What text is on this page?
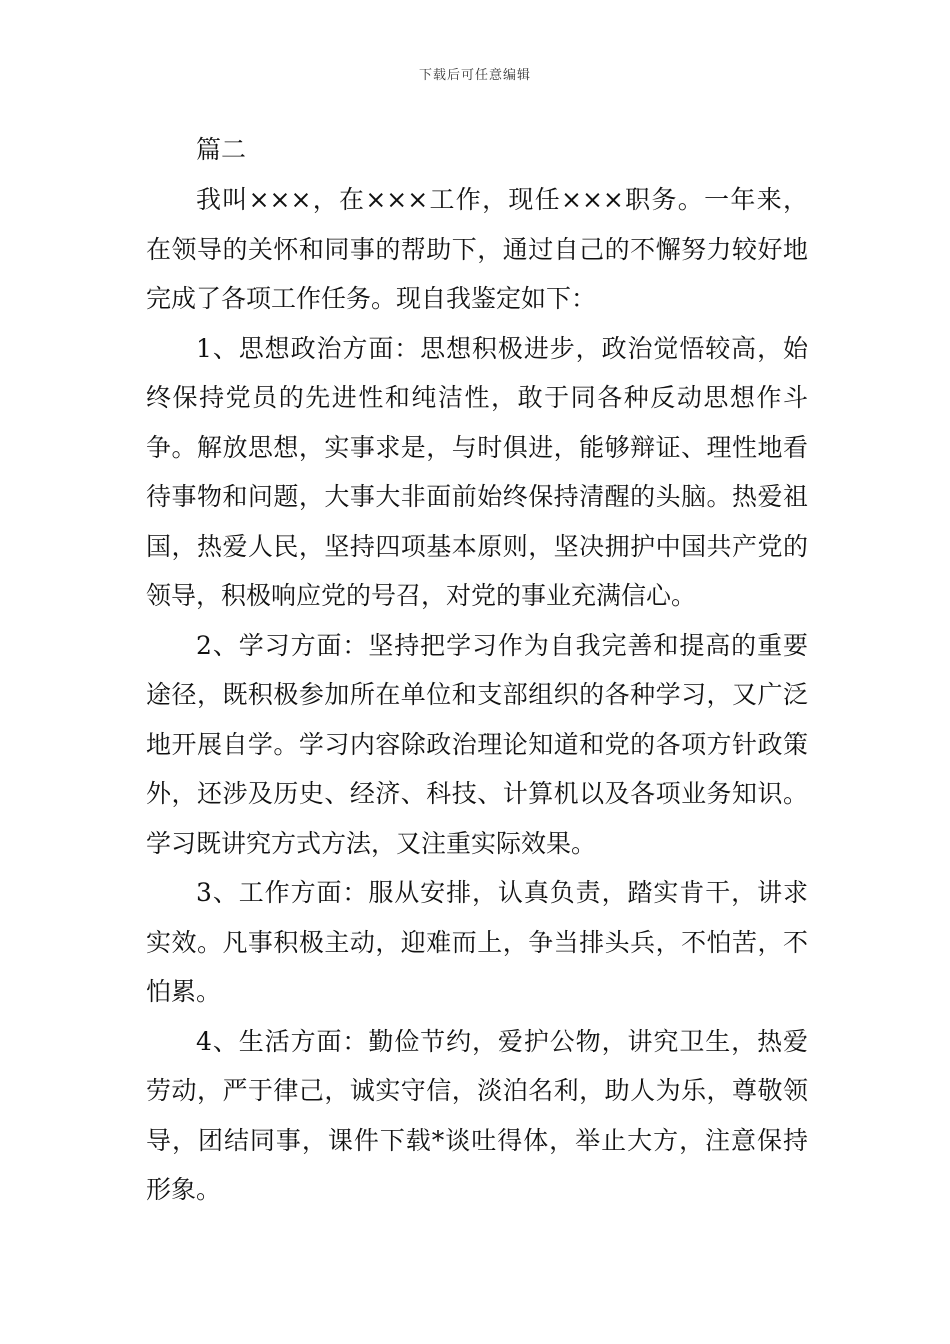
下载后可任意编辑

篇二

我叫×××，在×××工作，现任×××职务。一年来，在领导的关怀和同事的帮助下，通过自己的不懈努力较好地完成了各项工作任务。现自我鉴定如下：

1、思想政治方面：思想积极进步，政治觉悟较高，始终保持党员的先进性和纯洁性，敢于同各种反动思想作斗争。解放思想，实事求是，与时俱进，能够辩证、理性地看待事物和问题，大事大非面前始终保持清醒的头脑。热爱祖国，热爱人民，坚持四项基本原则，坚决拥护中国共产党的领导，积极响应党的号召，对党的事业充满信心。

2、学习方面：坚持把学习作为自我完善和提高的重要途径，既积极参加所在单位和支部组织的各种学习，又广泛地开展自学。学习内容除政治理论知道和党的各项方针政策外，还涉及历史、经济、科技、计算机以及各项业务知识。学习既讲究方式方法，又注重实际效果。

3、工作方面：服从安排，认真负责，踏实肯干，讲求实效。凡事积极主动，迎难而上，争当排头兵，不怕苦，不怕累。

4、生活方面：勤俭节约，爱护公物，讲究卫生，热爱劳动，严于律己，诚实守信，淡泊名利，助人为乐，尊敬领导，团结同事，课件下载*谈吐得体，举止大方，注意保持形象。
